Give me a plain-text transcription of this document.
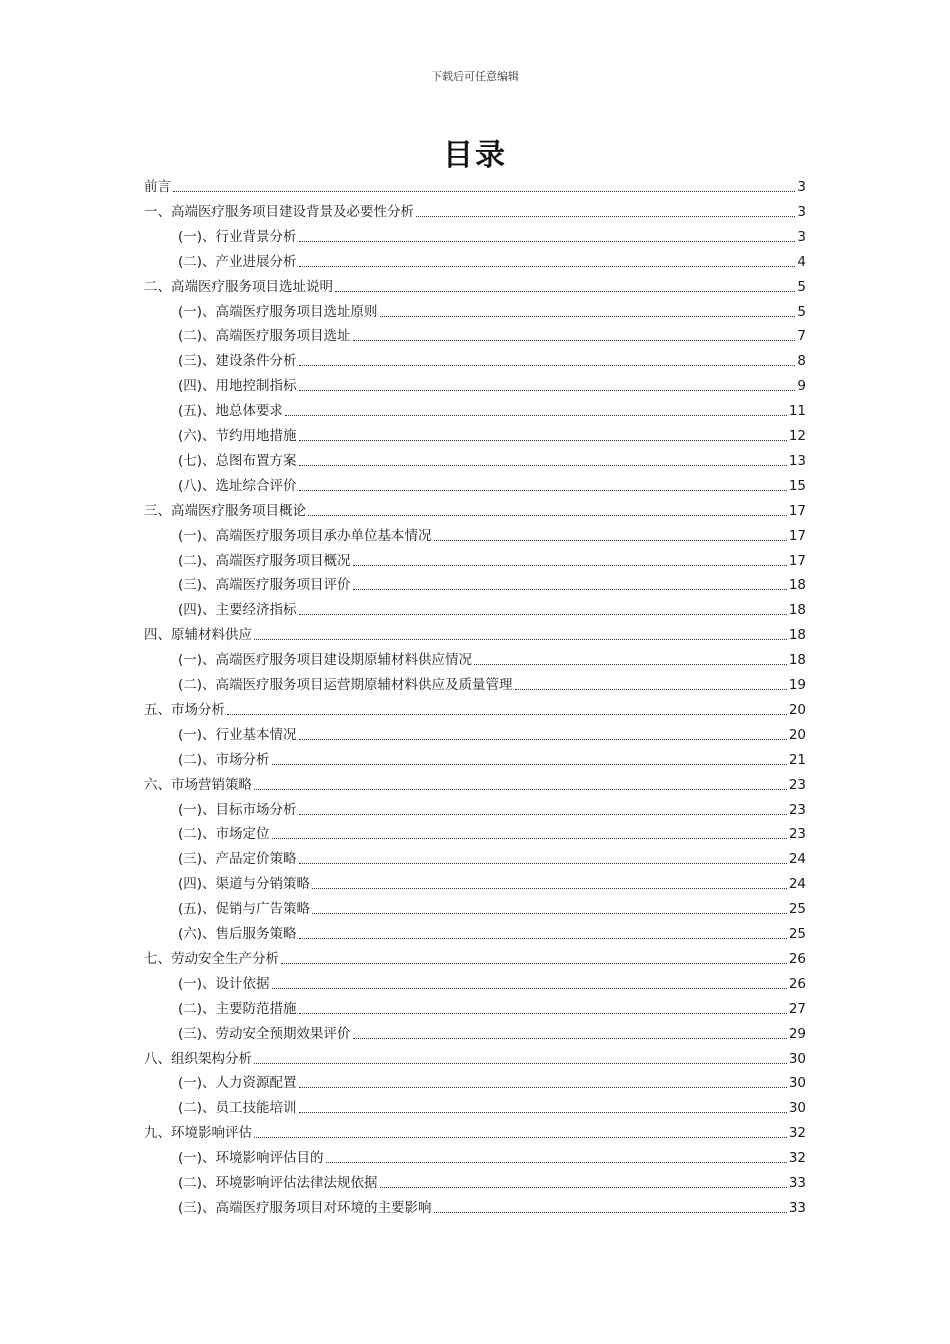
下载后可任意编辑
目录
前言	3
一、高端医疗服务项目建设背景及必要性分析	3
(一)、行业背景分析	3
(二)、产业进展分析	4
二、高端医疗服务项目选址说明	5
(一)、高端医疗服务项目选址原则	5
(二)、高端医疗服务项目选址	7
(三)、建设条件分析	8
(四)、用地控制指标	9
(五)、地总体要求	11
(六)、节约用地措施	12
(七)、总图布置方案	13
(八)、选址综合评价	15
三、高端医疗服务项目概论	17
(一)、高端医疗服务项目承办单位基本情况	17
(二)、高端医疗服务项目概况	17
(三)、高端医疗服务项目评价	18
(四)、主要经济指标	18
四、原辅材料供应	18
(一)、高端医疗服务项目建设期原辅材料供应情况	18
(二)、高端医疗服务项目运营期原辅材料供应及质量管理	19
五、市场分析	20
(一)、行业基本情况	20
(二)、市场分析	21
六、市场营销策略	23
(一)、目标市场分析	23
(二)、市场定位	23
(三)、产品定价策略	24
(四)、渠道与分销策略	24
(五)、促销与广告策略	25
(六)、售后服务策略	25
七、劳动安全生产分析	26
(一)、设计依据	26
(二)、主要防范措施	27
(三)、劳动安全预期效果评价	29
八、组织架构分析	30
(一)、人力资源配置	30
(二)、员工技能培训	30
九、环境影响评估	32
(一)、环境影响评估目的	32
(二)、环境影响评估法律法规依据	33
(三)、高端医疗服务项目对环境的主要影响	33
